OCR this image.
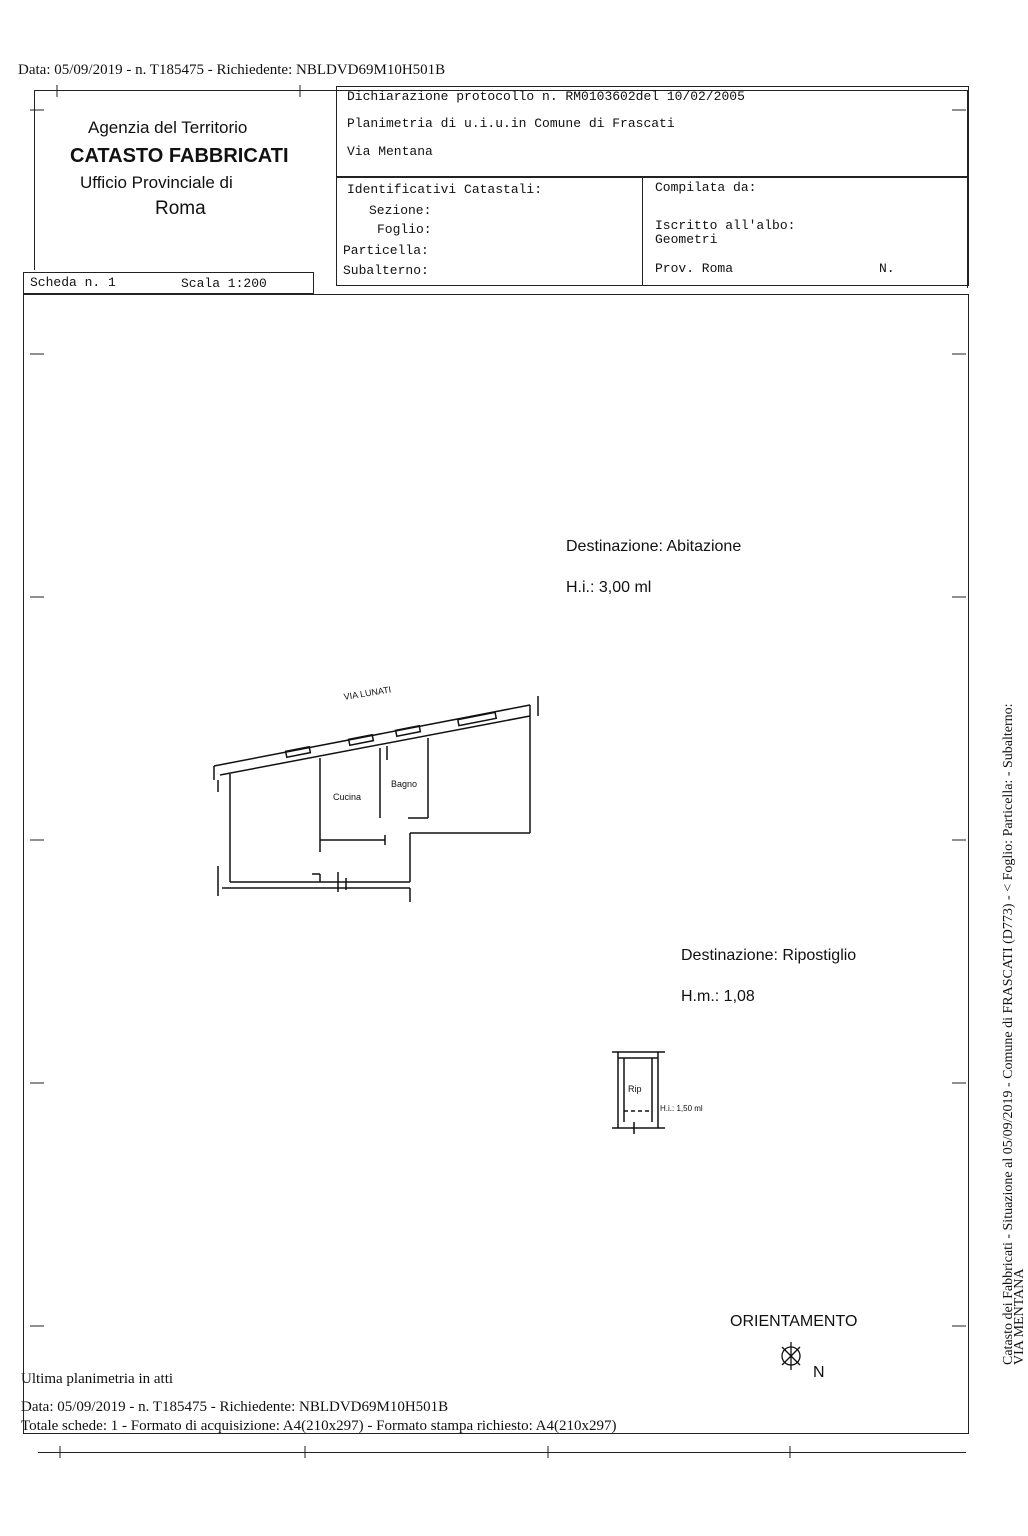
Data: 05/09/2019 - n. T185475 - Richiedente: NBLDVD69M10H501B
Agenzia del Territorio
CATASTO FABBRICATI
Ufficio Provinciale di
Roma
Dichiarazione protocollo n. RM0103602del 10/02/2005
Planimetria di u.i.u.in Comune di Frascati
Via Mentana
Identificativi Catastali:
Sezione:
Foglio:
Particella:
Subalterno:
Compilata da:
Iscritto all'albo:
Geometri
Prov. Roma	N.
Scheda n. 1	Scala 1:200
Destinazione: Abitazione
H.i.: 3,00 ml
VIA LUNATI
Cucina
Bagno
Destinazione: Ripostiglio
H.m.: 1,08
Rip
H.i.: 1,50 ml
ORIENTAMENTO
N
Catasto dei Fabbricati - Situazione al 05/09/2019 - Comune di FRASCATI (D773) - < Foglio: Particella: - Subalterno:
VIA MENTANA
Ultima planimetria in atti
Data: 05/09/2019 - n. T185475 - Richiedente: NBLDVD69M10H501B
Totale schede: 1 - Formato di acquisizione: A4(210x297) - Formato stampa richiesto: A4(210x297)
